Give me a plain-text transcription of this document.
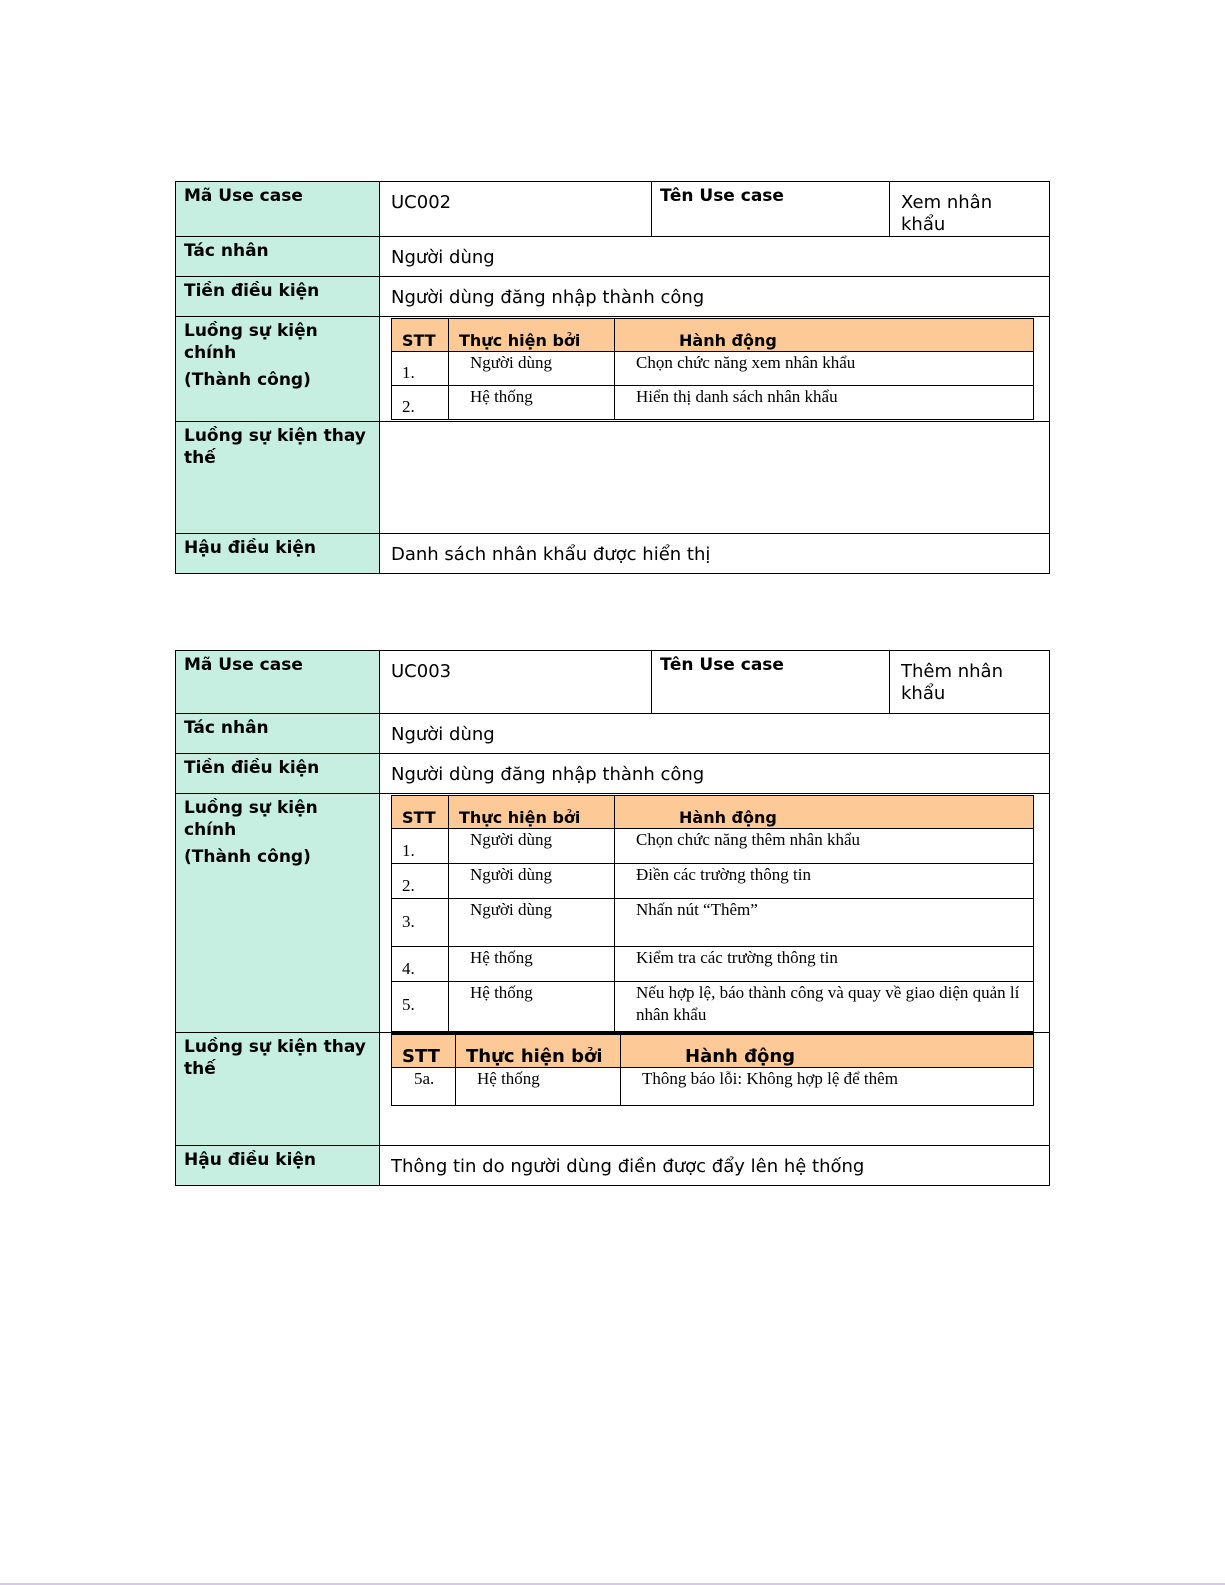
Mã Use case	UC002	Tên Use case	Xem nhân khẩu
Tác nhân	Người dùng
Tiền điều kiện	Người dùng đăng nhập thành công

Luồng sự kiện chính
(Thành công)

STT	Thực hiện bởi	Hành động
1.	Người dùng	Chọn chức năng xem nhân khẩu
2.	Hệ thống	Hiển thị danh sách nhân khẩu

Luồng sự kiện thay
thế

Hậu điều kiện	Danh sách nhân khẩu được hiển thị
Mã Use case	UC003	Tên Use case	Thêm nhân
khẩu

Tác nhân	Người dùng
Tiền điều kiện	Người dùng đăng nhập thành công

Luồng sự kiện chính
(Thành công)

STT	Thực hiện bởi	Hành động
1.	Người dùng	Chọn chức năng thêm nhân khẩu
2.	Người dùng	Điền các trường thông tin
3.	Người dùng	Nhấn nút “Thêm”
4.	Hệ thống	Kiểm tra các trường thông tin
5.	Hệ thống	Nếu hợp lệ, báo thành công và quay về giao diện quản lí nhân khẩu

Luồng sự kiện thay
thế

STT	Thực hiện bởi	Hành động
5a.	Hệ thống	Thông báo lỗi: Không hợp lệ để thêm

Hậu điều kiện	Thông tin do người dùng điền được đẩy lên hệ thống
